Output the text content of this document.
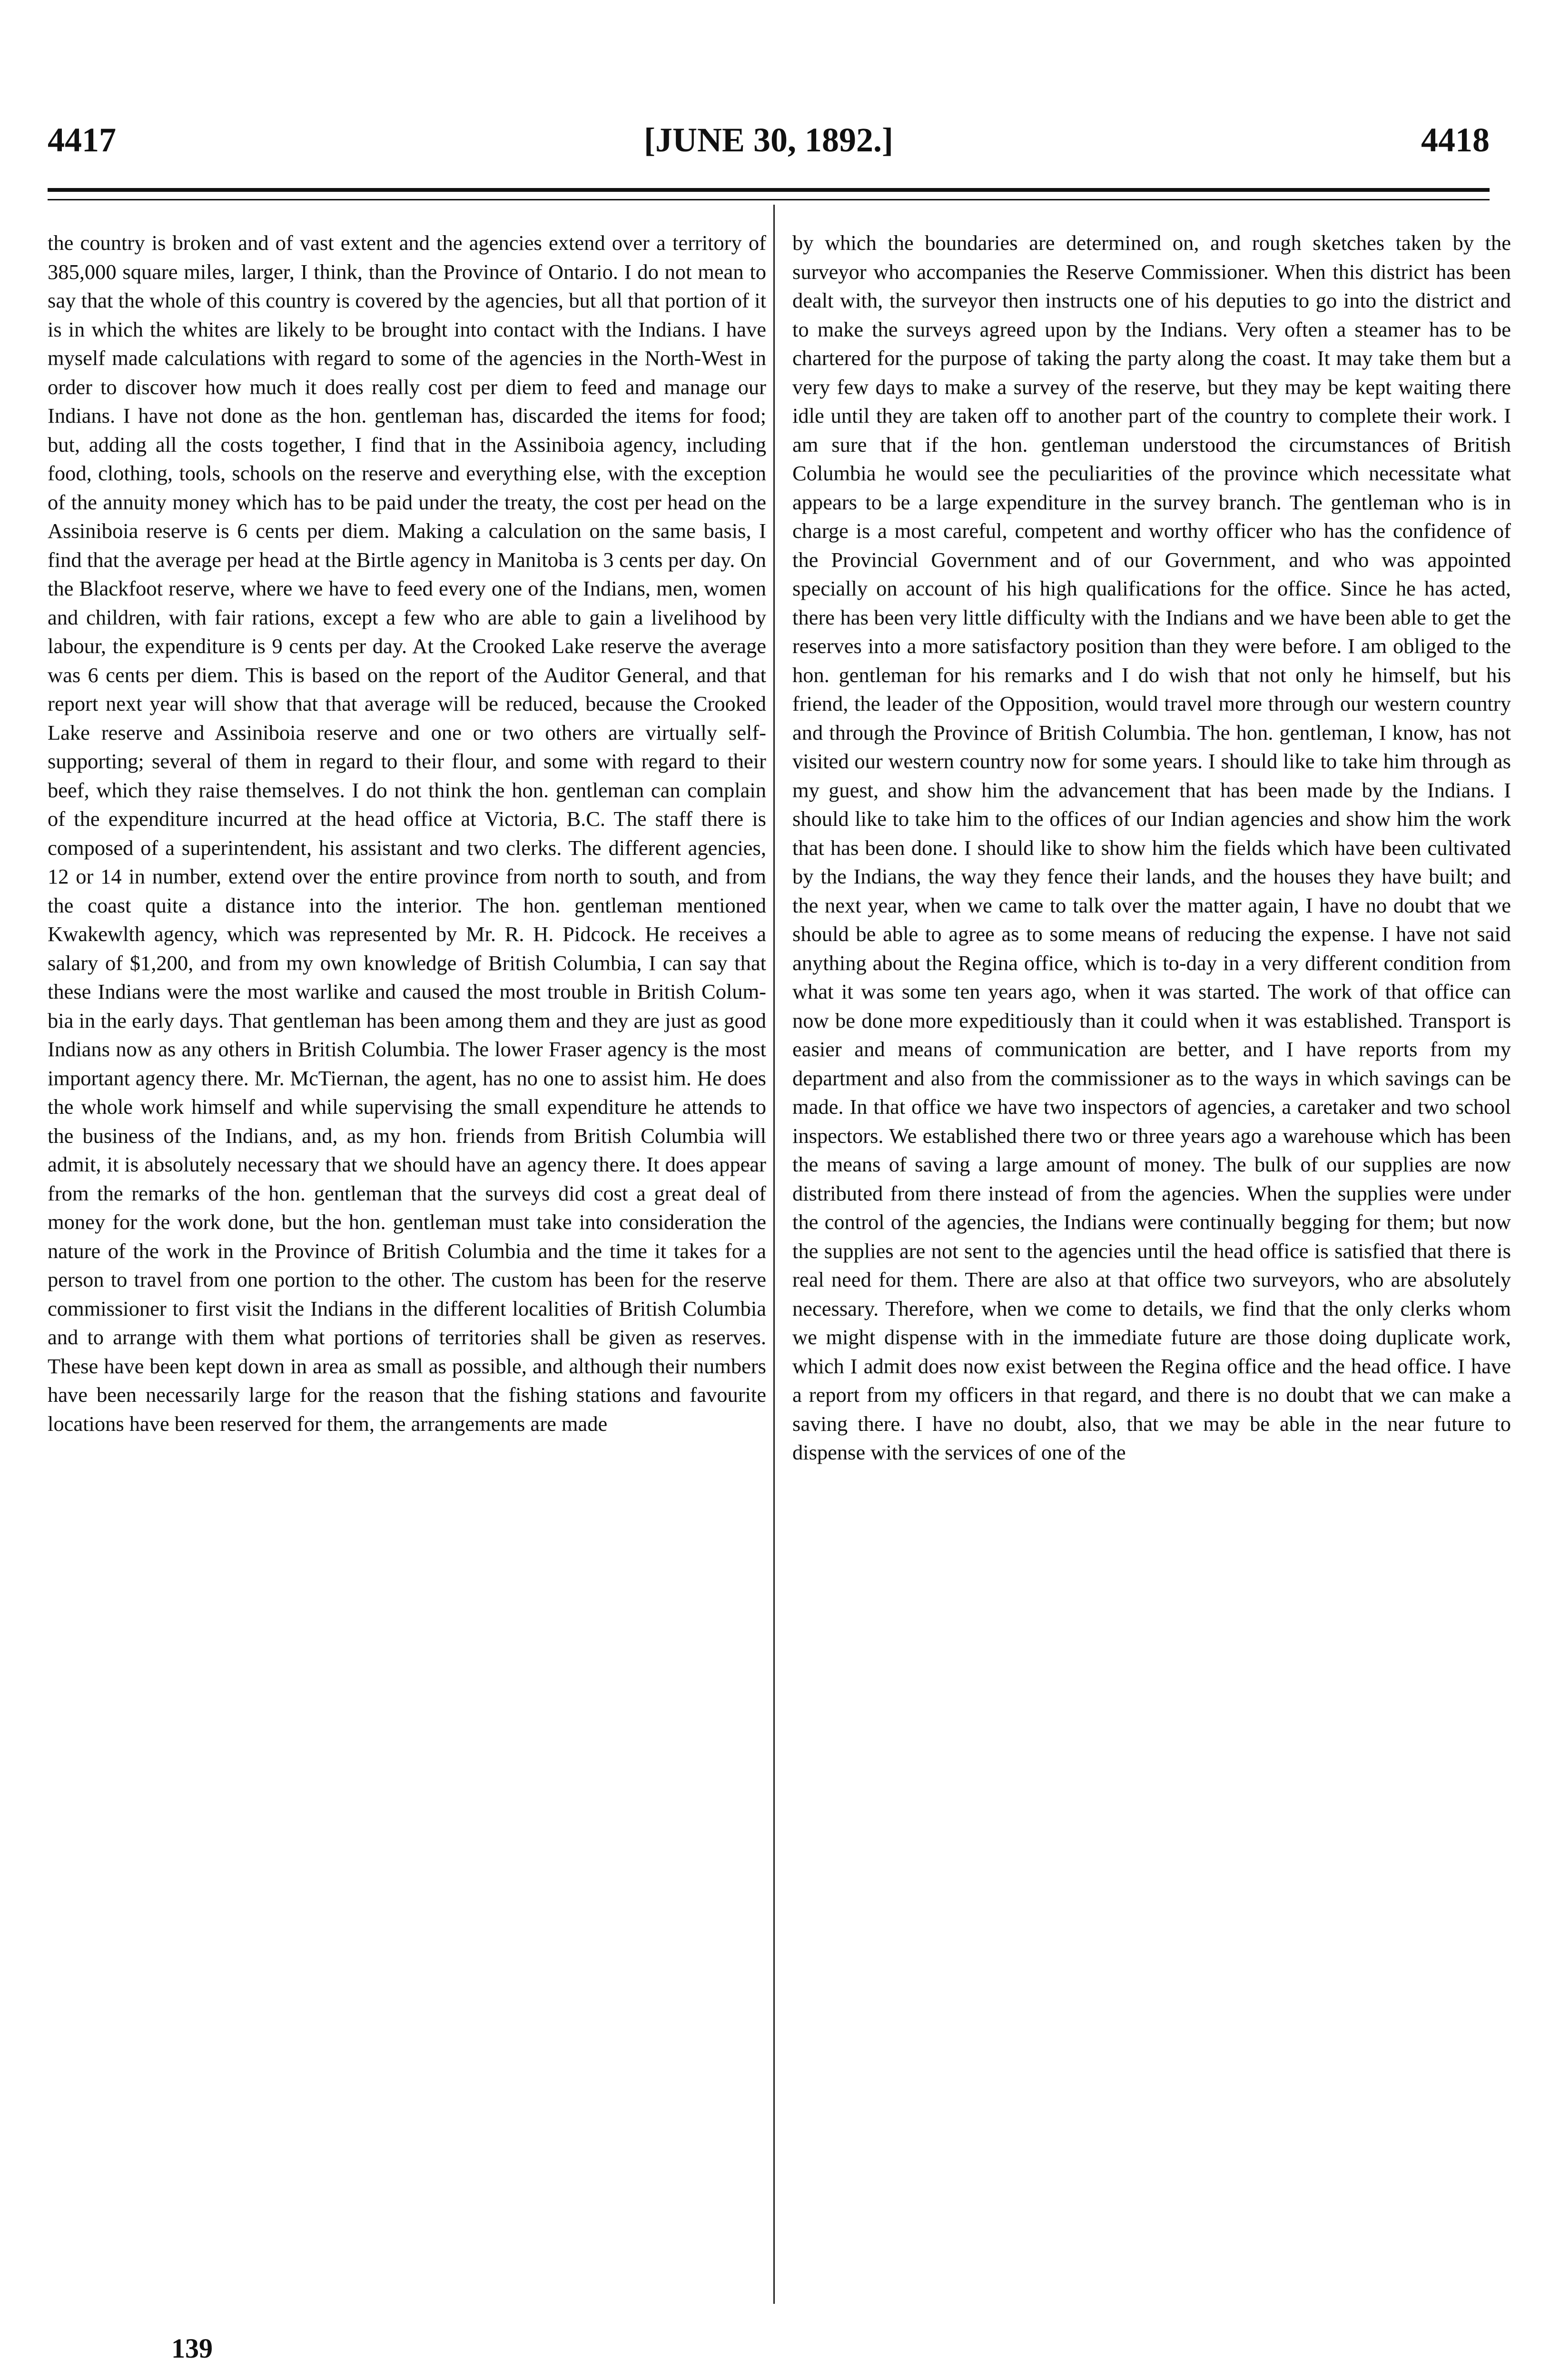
4417	[JUNE 30, 1892.]	4418

the country is broken and of vast extent and the agencies extend over a territory of 385,000 square miles, larger, I think, than the Province of Ontario. I do not mean to say that the whole of this country is covered by the agencies, but all that portion of it is in which the whites are likely to be brought into contact with the Indians. I have myself made calculations with regard to some of the agencies in the North-West in order to discover how much it does really cost per diem to feed and manage our Indians. I have not done as the hon. gentleman has, discarded the items for food; but, adding all the costs together, I find that in the Assiniboia agency, including food, clothing, tools, schools on the reserve and everything else, with the exception of the annuity money which has to be paid under the treaty, the cost per head on the Assiniboia reserve is 6 cents per diem. Making a calculation on the same basis, I find that the average per head at the Birtle agency in Manitoba is 3 cents per day. On the Blackfoot reserve, where we have to feed every one of the Indians, men, women and children, with fair rations, except a few who are able to gain a livelihood by labour, the expenditure is 9 cents per day. At the Crooked Lake reserve the average was 6 cents per diem. This is based on the report of the Auditor General, and that report next year will show that that average will be reduced, because the Crooked Lake reserve and Assiniboia reserve and one or two others are virtually self-supporting; several of them in regard to their flour, and some with regard to their beef, which they raise themselves. I do not think the hon. gentleman can complain of the expenditure incurred at the head office at Victoria, B.C. The staff there is composed of a superintendent, his assistant and two clerks. The different agencies, 12 or 14 in number, extend over the entire province from north to south, and from the coast quite a distance into the interior. The hon. gentleman mentioned Kwakewlth agency, which was represented by Mr. R. H. Pidcock. He receives a salary of $1,200, and from my own knowledge of British Columbia, I can say that these Indians were the most warlike and caused the most trouble in British Columbia in the early days. That gentleman has been among them and they are just as good Indians now as any others in British Columbia. The lower Fraser agency is the most important agency there. Mr. McTiernan, the agent, has no one to assist him. He does the whole work himself and while supervising the small expenditure he attends to the business of the Indians, and, as my hon. friends from British Columbia will admit, it is absolutely necessary that we should have an agency there. It does appear from the remarks of the hon. gentleman that the surveys did cost a great deal of money for the work done, but the hon. gentleman must take into consideration the nature of the work in the Province of British Columbia and the time it takes for a person to travel from one portion to the other. The custom has been for the reserve commissioner to first visit the Indians in the different localities of British Columbia and to arrange with them what portions of territories shall be given as reserves. These have been kept down in area as small as possible, and although their numbers have been necessarily large for the reason that the fishing stations and favourite locations have been reserved for them, the arrangements are made

by which the boundaries are determined on, and rough sketches taken by the surveyor who accompanies the Reserve Commissioner. When this district has been dealt with, the surveyor then instructs one of his deputies to go into the district and to make the surveys agreed upon by the Indians. Very often a steamer has to be chartered for the purpose of taking the party along the coast. It may take them but a very few days to make a survey of the reserve, but they may be kept waiting there idle until they are taken off to another part of the country to complete their work. I am sure that if the hon. gentleman understood the circumstances of British Columbia he would see the peculiarities of the province which necessitate what appears to be a large expenditure in the survey branch. The gentleman who is in charge is a most careful, competent and worthy officer who has the confidence of the Provincial Government and of our Government, and who was appointed specially on account of his high qualifications for the office. Since he has acted, there has been very little difficulty with the Indians and we have been able to get the reserves into a more satisfactory position than they were before. I am obliged to the hon. gentleman for his remarks and I do wish that not only he himself, but his friend, the leader of the Opposition, would travel more through our western country and through the Province of British Columbia. The hon. gentleman, I know, has not visited our western country now for some years. I should like to take him through as my guest, and show him the advancement that has been made by the Indians. I should like to take him to the offices of our Indian agencies and show him the work that has been done. I should like to show him the fields which have been cultivated by the Indians, the way they fence their lands, and the houses they have built; and the next year, when we came to talk over the matter again, I have no doubt that we should be able to agree as to some means of reducing the expense. I have not said anything about the Regina office, which is to-day in a very different condition from what it was some ten years ago, when it was started. The work of that office can now be done more expeditiously than it could when it was established. Transport is easier and means of communication are better, and I have reports from my department and also from the commissioner as to the ways in which savings can be made. In that office we have two inspectors of agencies, a caretaker and two school inspectors. We established there two or three years ago a warehouse which has been the means of saving a large amount of money. The bulk of our supplies are now distributed from there instead of from the agencies. When the supplies were under the control of the agencies, the Indians were continually begging for them; but now the supplies are not sent to the agencies until the head office is satisfied that there is real need for them. There are also at that office two surveyors, who are absolutely necessary. Therefore, when we come to details, we find that the only clerks whom we might dispense with in the immediate future are those doing duplicate work, which I admit does now exist between the Regina office and the head office. I have a report from my officers in that regard, and there is no doubt that we can make a saving there. I have no doubt, also, that we may be able in the near future to dispense with the services of one of the

139
